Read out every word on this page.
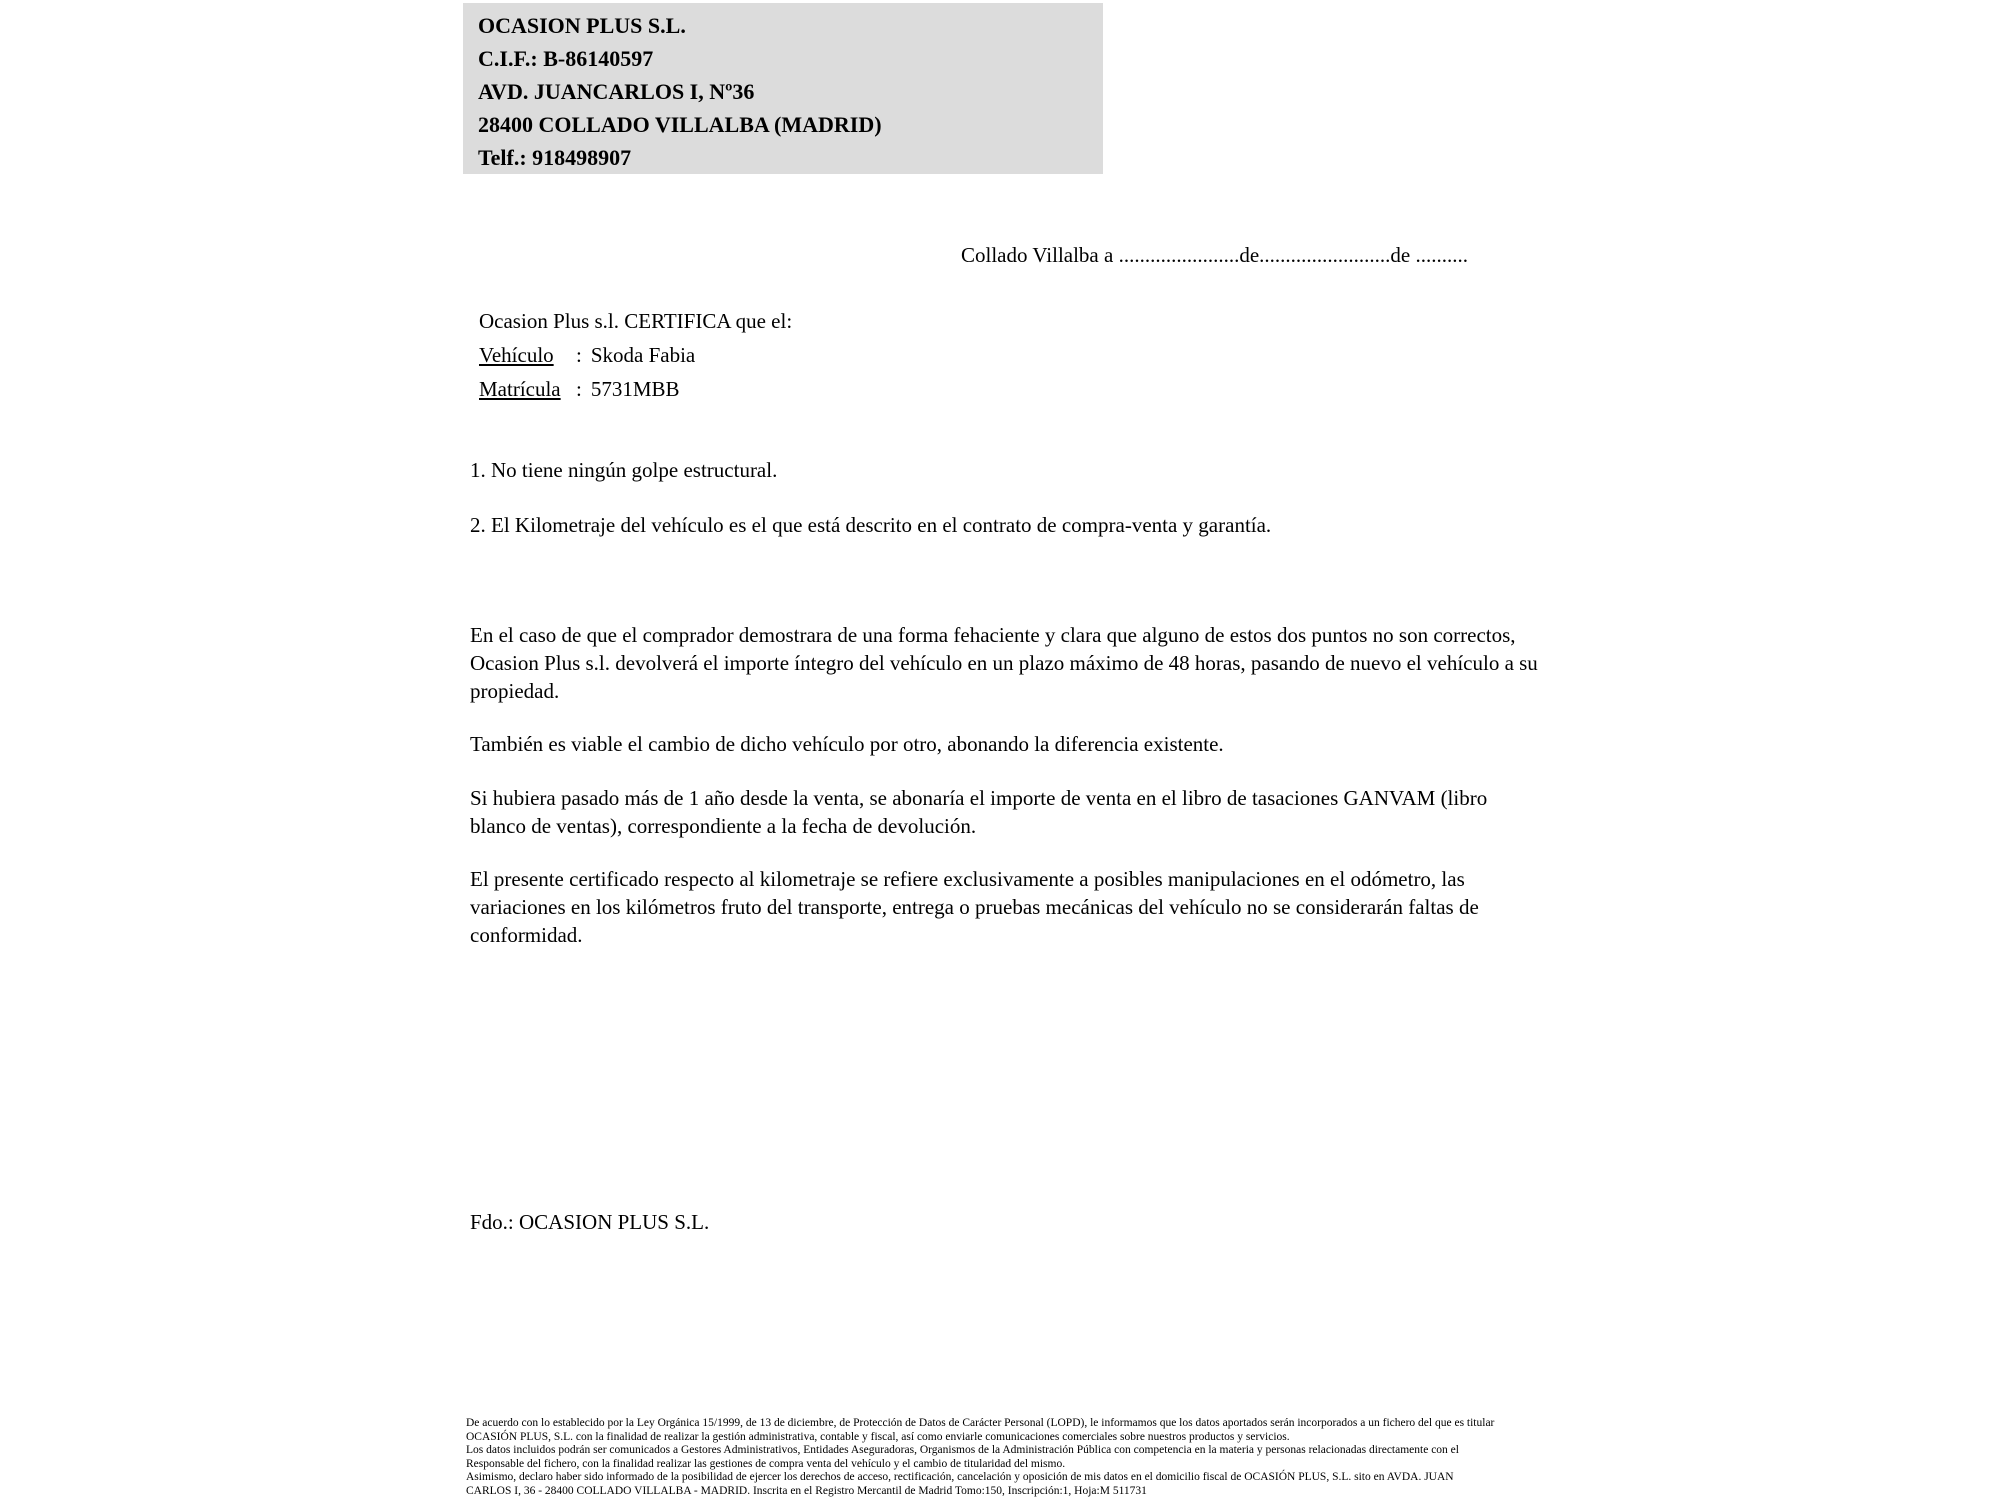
OCASION PLUS S.L.
C.I.F.: B-86140597
AVD. JUANCARLOS I, Nº36
28400 COLLADO VILLALBA (MADRID)
Telf.: 918498907
Collado Villalba a .......................de.........................de ..........
Ocasion Plus s.l. CERTIFICA que el:
Vehículo : Skoda Fabia
Matrícula : 5731MBB
1. No tiene ningún golpe estructural.
2. El Kilometraje del vehículo es el que está descrito en el contrato de compra-venta y garantía.
En el caso de que el comprador demostrara de una forma fehaciente y clara que alguno de estos dos puntos no son correctos, Ocasion Plus s.l. devolverá el importe íntegro del vehículo en un plazo máximo de 48 horas, pasando de nuevo el vehículo a su propiedad.
También es viable el cambio de dicho vehículo por otro, abonando la diferencia existente.
Si hubiera pasado más de 1 año desde la venta, se abonaría el importe de venta en el libro de tasaciones GANVAM (libro blanco de ventas), correspondiente a la fecha de devolución.
El presente certificado respecto al kilometraje se refiere exclusivamente a posibles manipulaciones en el odómetro, las variaciones en los kilómetros fruto del transporte, entrega o pruebas mecánicas del vehículo no se considerarán faltas de conformidad.
Fdo.: OCASION PLUS S.L.
De acuerdo con lo establecido por la Ley Orgánica 15/1999, de 13 de diciembre, de Protección de Datos de Carácter Personal (LOPD), le informamos que los datos aportados serán incorporados a un fichero del que es titular
OCASIÓN PLUS, S.L. con la finalidad de realizar la gestión administrativa, contable y fiscal, así como enviarle comunicaciones comerciales sobre nuestros productos y servicios.
Los datos incluidos podrán ser comunicados a Gestores Administrativos, Entidades Aseguradoras, Organismos de la Administración Pública con competencia en la materia y personas relacionadas directamente con el
Responsable del fichero, con la finalidad realizar las gestiones de compra venta del vehículo y el cambio de titularidad del mismo.
Asimismo, declaro haber sido informado de la posibilidad de ejercer los derechos de acceso, rectificación, cancelación y oposición de mis datos en el domicilio fiscal de OCASIÓN PLUS, S.L. sito en AVDA. JUAN
CARLOS I, 36 - 28400 COLLADO VILLALBA - MADRID. Inscrita en el Registro Mercantil de Madrid Tomo:150, Inscripción:1, Hoja:M 511731
